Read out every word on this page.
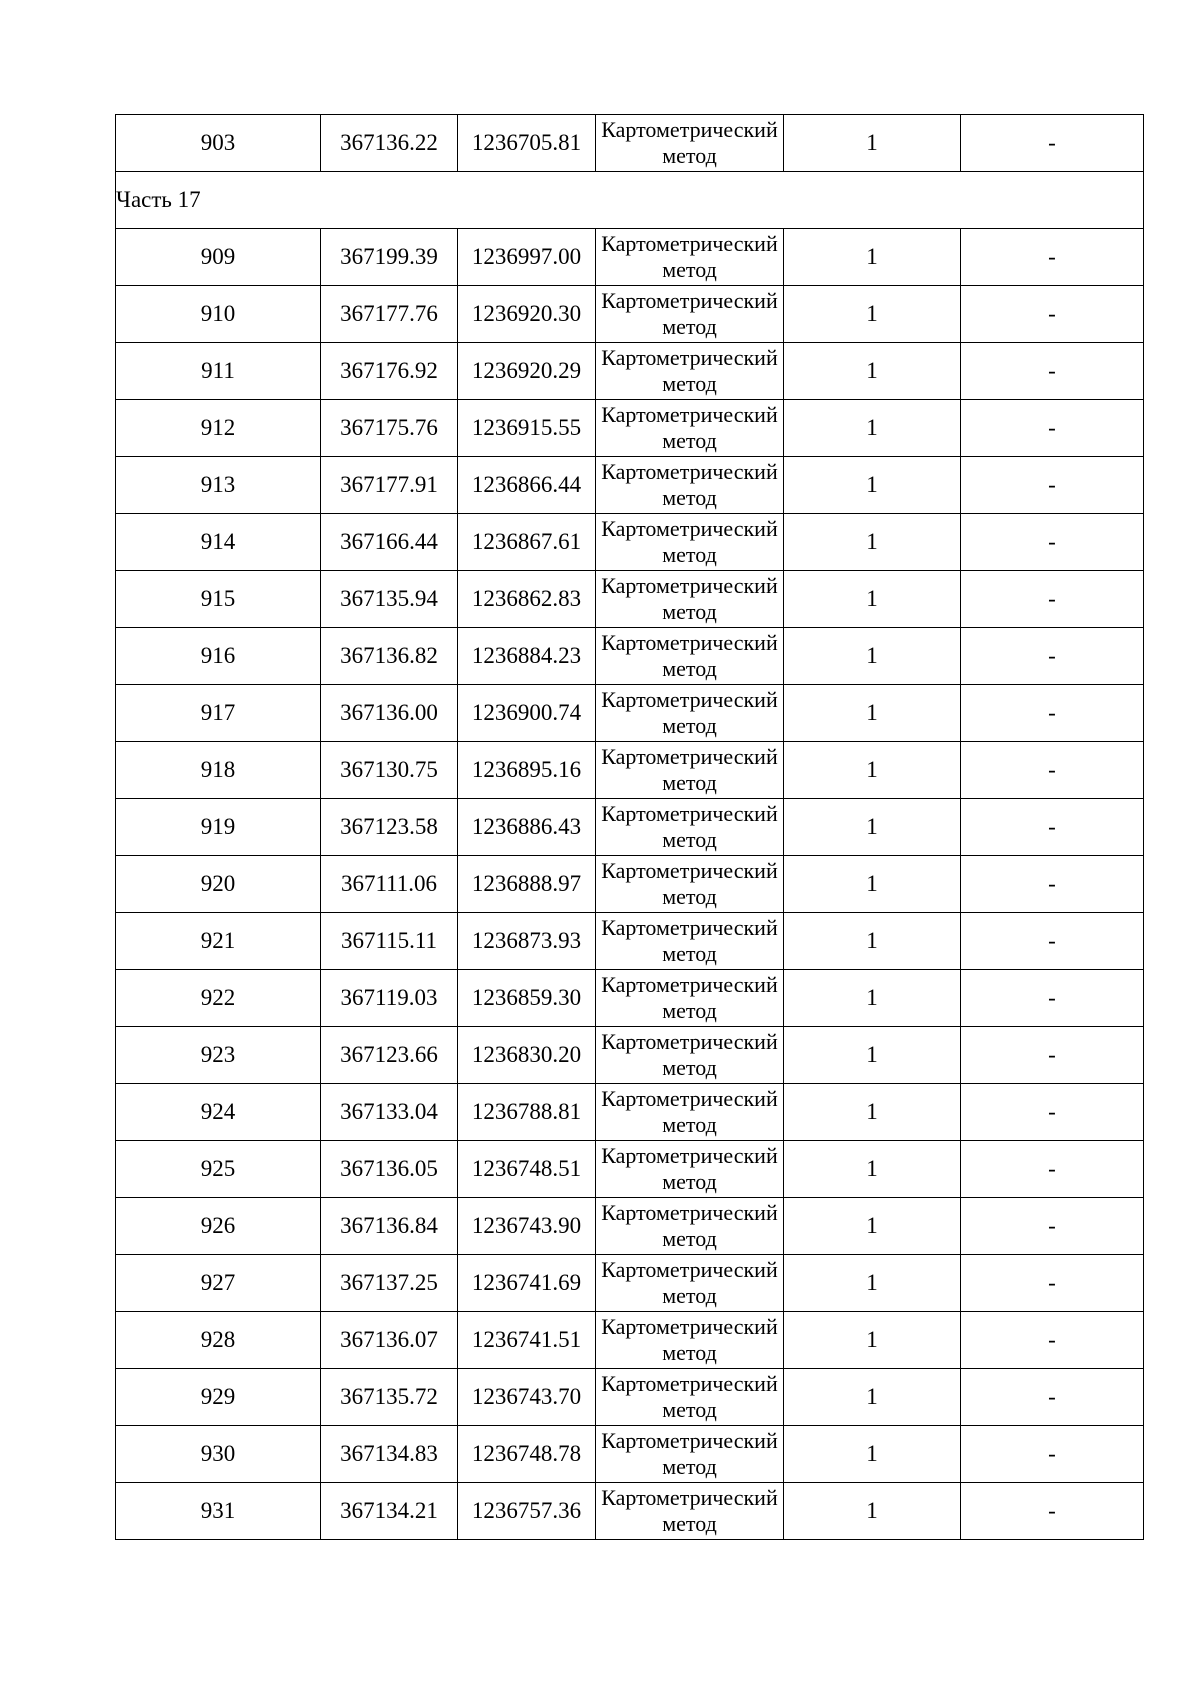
903	367136.22	1236705.81	Картометрический метод	1	-
Часть 17					
909	367199.39	1236997.00	Картометрический метод	1	-
910	367177.76	1236920.30	Картометрический метод	1	-
911	367176.92	1236920.29	Картометрический метод	1	-
912	367175.76	1236915.55	Картометрический метод	1	-
913	367177.91	1236866.44	Картометрический метод	1	-
914	367166.44	1236867.61	Картометрический метод	1	-
915	367135.94	1236862.83	Картометрический метод	1	-
916	367136.82	1236884.23	Картометрический метод	1	-
917	367136.00	1236900.74	Картометрический метод	1	-
918	367130.75	1236895.16	Картометрический метод	1	-
919	367123.58	1236886.43	Картометрический метод	1	-
920	367111.06	1236888.97	Картометрический метод	1	-
921	367115.11	1236873.93	Картометрический метод	1	-
922	367119.03	1236859.30	Картометрический метод	1	-
923	367123.66	1236830.20	Картометрический метод	1	-
924	367133.04	1236788.81	Картометрический метод	1	-
925	367136.05	1236748.51	Картометрический метод	1	-
926	367136.84	1236743.90	Картометрический метод	1	-
927	367137.25	1236741.69	Картометрический метод	1	-
928	367136.07	1236741.51	Картометрический метод	1	-
929	367135.72	1236743.70	Картометрический метод	1	-
930	367134.83	1236748.78	Картометрический метод	1	-
931	367134.21	1236757.36	Картометрический метод	1	-
